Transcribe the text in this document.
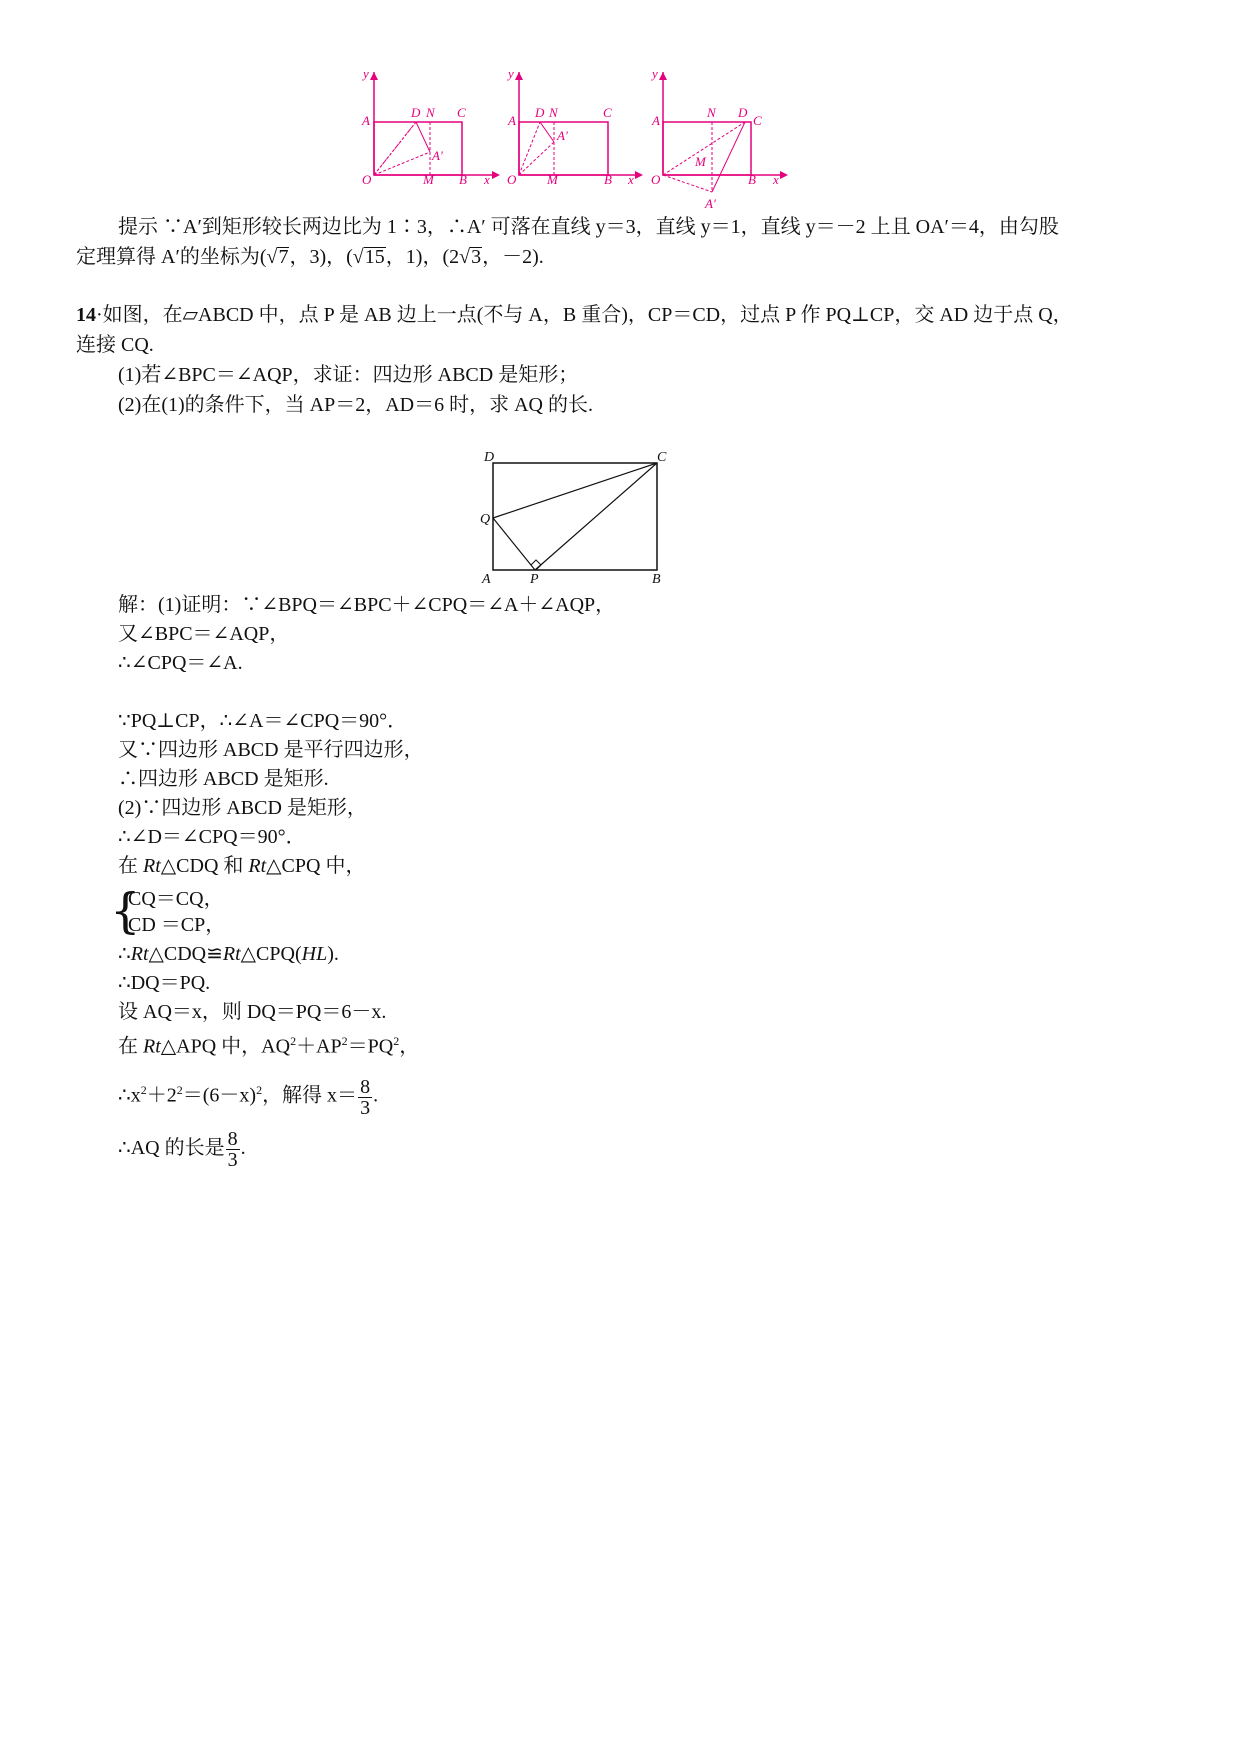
y
x
O
A
D N C
A′
M B
y
x
O
A
D N	C
A′
M	B
y
x
O
A
D
N
C
A′
M
B
提示 ∵A′到矩形较长两边比为 1∶3，∴A′ 可落在直线 y＝3，直线 y＝1，直线 y＝－2 上且 OA′＝4，由勾股
定理算得 A′的坐标为(√7，3)，(√15，1)，(2√3，－2).
14·如图，在▱ABCD 中，点 P 是 AB 边上一点(不与 A，B 重合)，CP＝CD，过点 P 作 PQ⊥CP，交 AD 边于点 Q，
连接 CQ.
(1)若∠BPC＝∠AQP，求证：四边形 ABCD 是矩形；
(2)在(1)的条件下，当 AP＝2，AD＝6 时，求 AQ 的长.
D	C
Q
A	P	B
解：(1)证明：∵∠BPQ＝∠BPC＋∠CPQ＝∠A＋∠AQP，
又∠BPC＝∠AQP，
∴∠CPQ＝∠A.
∵PQ⊥CP，∴∠A＝∠CPQ＝90°．
又∵四边形 ABCD 是平行四边形，
∴四边形 ABCD 是矩形.
(2)∵四边形 ABCD 是矩形，
∴∠D＝∠CPQ＝90°．
在 Rt△CDQ 和 Rt△CPQ 中，
{
CQ＝CQ，
CD ＝CP，
∴Rt△CDQ≌Rt△CPQ(HL).
∴DQ＝PQ.
设 AQ＝x，则 DQ＝PQ＝6－x.
在 Rt△APQ 中，$AQ^2+AP^2=PQ^2$，
$\therefore x^2+2^2=(6-x)^2$，解得 $x= \frac{8}{3}$ .
∴AQ 的长是 $\frac{8}{3}$ .
